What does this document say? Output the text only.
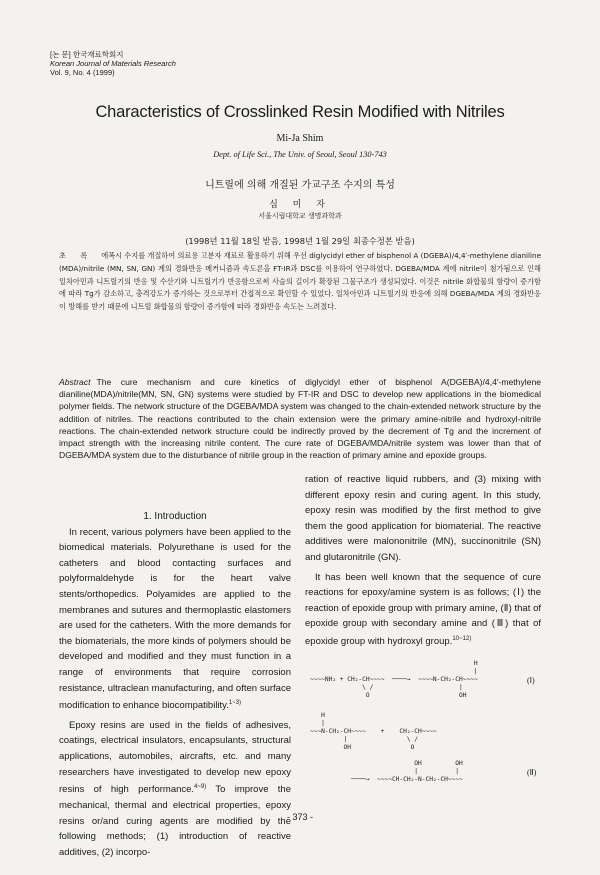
[논 문] 한국재료학회지
Korean Journal of Materials Research
Vol. 9, No. 4 (1999)
Characteristics of Crosslinked Resin Modified with Nitriles
Mi-Ja Shim
Dept. of Life Sci., The Univ. of Seoul, Seoul 130-743
니트릴에 의해 개질된 가교구조 수지의 특성
심 미 자
서울시립대학교 생명과학과
(1998년 11월 18일 받음, 1998년 1월 29일 최종수정본 받음)
초 록 에폭시 수지를 개질하여 의료용 고분자 재료로 활용하기 위해 우선 diglycidyl ether of bisphenol A (DGEBA)/4,4′-methylene dianiline (MDA)/nitrile (MN, SN, GN) 계의 경화반응 메커니즘과 속도론을 FT-IR과 DSC를 이용하여 연구하였다. DGEBA/MDA 계에 nitrile이 첨가됨으로 인해 일차아민과 니트릴기의 반응 및 수산기와 니트릴기가 반응함으로써 사슬의 길이가 확장된 그물구조가 생성되었다. 이것은 nitrile 화합물의 함량이 증가함에 따라 Tg가 감소하고, 충격강도가 증가하는 것으로부터 간접적으로 확인할 수 있었다. 일차아민과 니트릴기의 반응에 의해 DGEBA/MDA 계의 경화반응이 방해를 받기 때문에 니트릴 화합물의 함량이 증가함에 따라 경화반응 속도는 느려졌다.
Abstract The cure mechanism and cure kinetics of diglycidyl ether of bisphenol A(DGEBA)/4,4′-methylene dianiline(MDA)/nitrile(MN, SN, GN) systems were studied by FT-IR and DSC to develop new applications in the biomedical polymer fields. The network structure of the DGEBA/MDA system was changed to the chain-extended network structure by the addition of nitriles. The reactions contributed to the chain extension were the primary amine-nitrile and hydroxyl-nitrile reactions. The chain-extended network structure could be indirectly proved by the decrement of Tg and the increment of impact strength with the increasing nitrile content. The cure rate of DGEBA/MDA/nitrile system was lower than that of DGEBA/MDA system due to the disturbance of nitrile group in the reaction of primary amine and epoxide groups.

1. Introduction

In recent, various polymers have been applied to the biomedical materials. Polyurethane is used for the catheters and blood contacting surfaces and polyformaldehyde is for the heart valve stents/orthopedics. Polyamides are applied to the membranes and sutures and thermoplastic elastomers are used for the catheters. With the more demands for the biomaterials, the more kinds of polymers should be developed and modified and they must function in a range of environments that require corrosion resistance, ultraclean manufacturing, and often surface modification to enhance biocompatibility.$^{1\sim 3)}$

Epoxy resins are used in the fields of adhesives, coatings, electrical insulators, encapsulants, structural applications, automobiles, aircrafts, etc. and many researchers have investigated to develop new epoxy resins of high performance.$^{4\sim 9)}$ To improve the mechanical, thermal and electrical properties, epoxy resins or/and curing agents are modified by the following methods; (1) introduction of reactive additives, (2) incorpo-

ration of reactive liquid rubbers, and (3) mixing with different epoxy resin and curing agent. In this study, epoxy resin was modified by the first method to give them the good application for biomaterial. The reactive additives were malononitrile (MN), succinonitrile (SN) and glutaronitrile (GN).

It has been well known that the sequence of cure reactions for epoxy/amine system is as follows; (Ⅰ) the reaction of epoxide group with primary amine, (Ⅱ) that of epoxide group with secondary amine and (Ⅲ) that of epoxide group with hydroxyl group.$^{10\sim 12)}$

H
|
~~~~NH₂ + CH₂-CH~~~~  ────→  ~~~~N-CH₂-CH~~~~
\ /                       |
O                        OH
(Ⅰ)
H
|
~~~N-CH₂-CH~~~~    +    CH₂-CH~~~~
|                \ /
OH                O

OH         OH
|          |
────→  ~~~~CH-CH₂-N-CH₂-CH~~~~
(Ⅱ)
- 373 -
